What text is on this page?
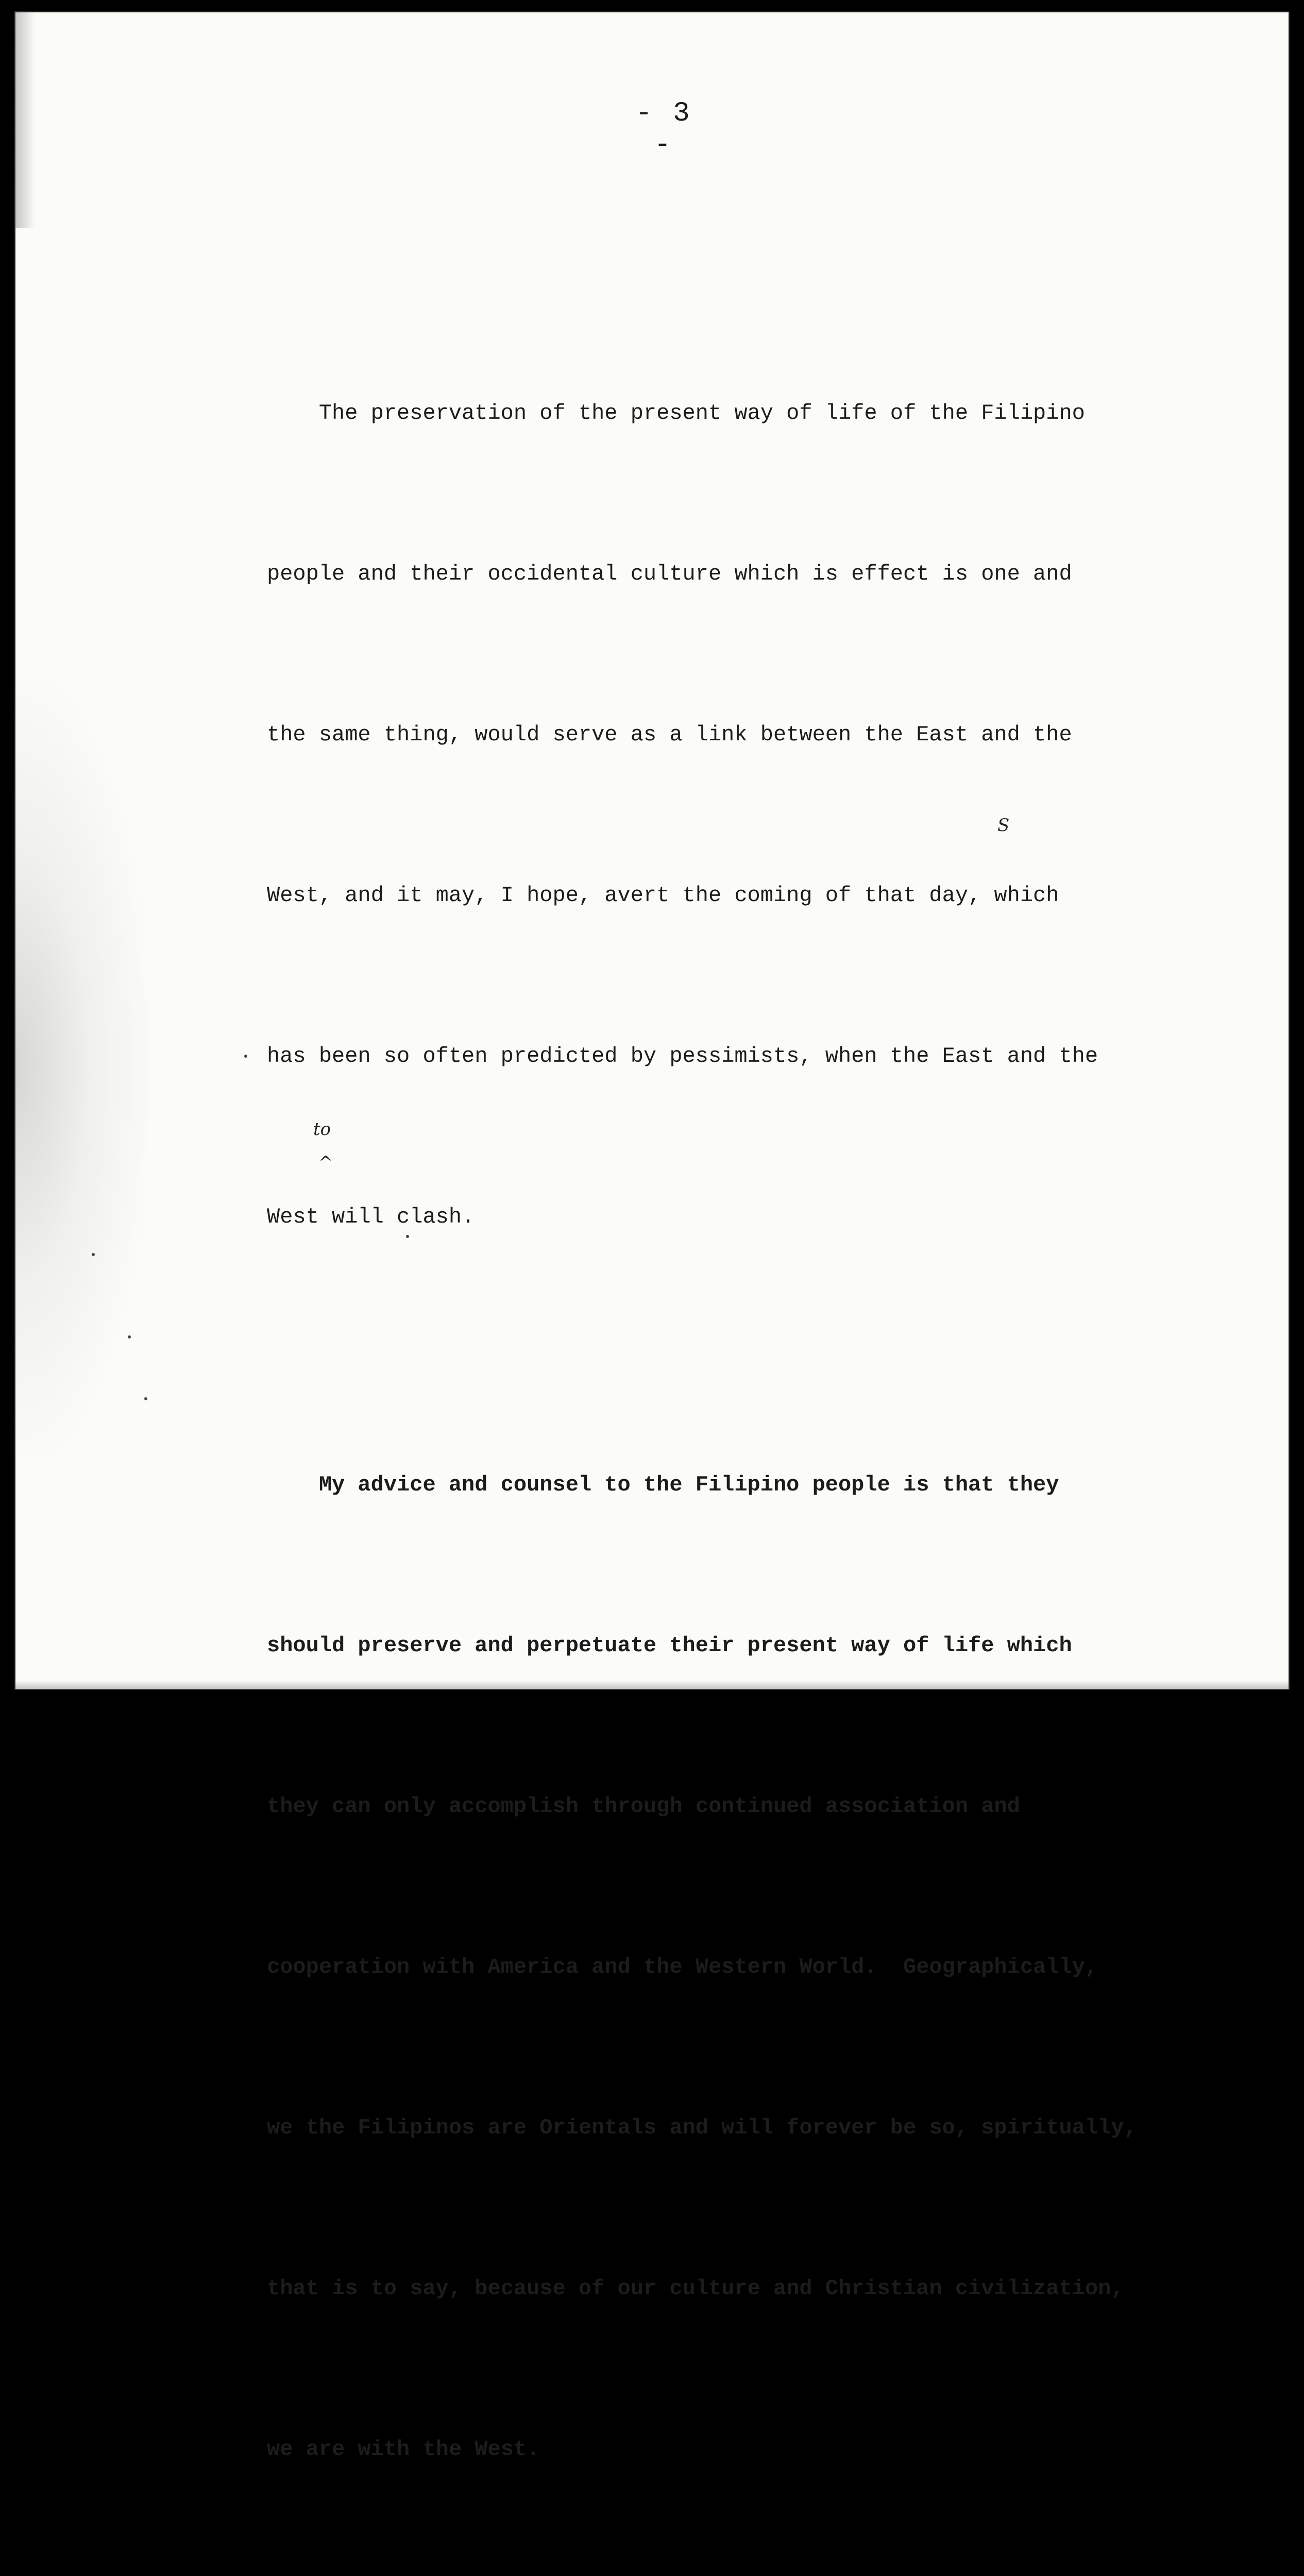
- 3 -

The preservation of the present way of life of the Filipino

people and their occidental culture which is effect is one and

the same thing, would serve as a link between the East and the

West, and it may, I hope, avert the coming of that day, which

has been so often predicted by pessimists, when the East and the

West will clash.

My advice and counsel to the Filipino people is that they

should preserve and perpetuate their present way of life which

they can only accomplish through continued association and

cooperation with America and the Western World.  Geographically,

we the Filipinos are Orientals and will forever be so, spiritually,

that is to say, because of our culture and Christian civilization,

we are with the West.

S
to
^
